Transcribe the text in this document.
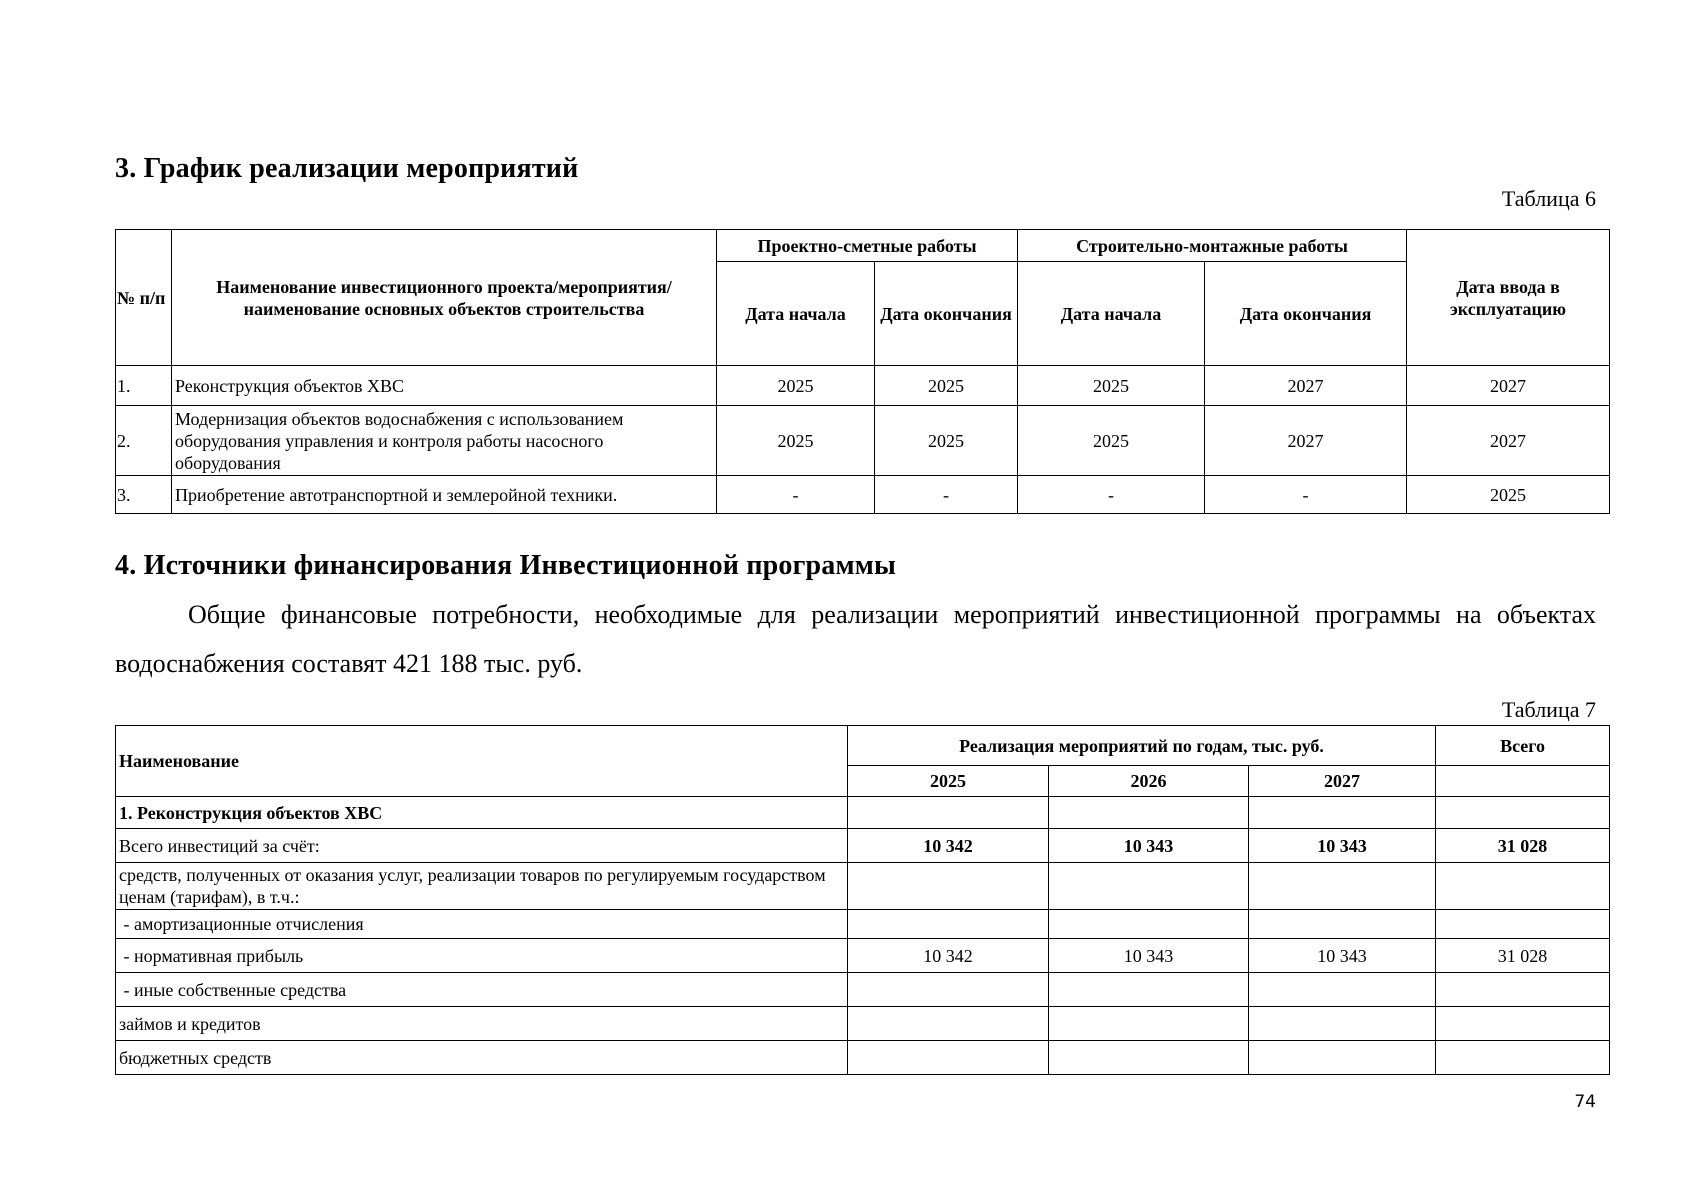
3. График реализации мероприятий
Таблица 6
№ п/п	Наименование инвестиционного проекта/мероприятия/наименование основных объектов строительства	Проектно-сметные работы		Строительно-монтажные работы		Дата ввода в эксплуатацию
		Дата начала	Дата окончания	Дата начала	Дата окончания	
1.	Реконструкция объектов ХВС	2025	2025	2025	2027	2027
2.	Модернизация объектов водоснабжения с использованием оборудования управления и контроля работы насосного оборудования	2025	2025	2025	2027	2027
3.	Приобретение автотранспортной и землеройной техники.	-	-	-	-	2025
4. Источники финансирования Инвестиционной программы
Общие финансовые потребности, необходимые для реализации мероприятий инвестиционной программы на объектах водоснабжения составят 421 188 тыс. руб.
Таблица 7
Наименование	Реализация мероприятий по годам, тыс. руб.			Всего
	2025	2026	2027	
1. Реконструкция объектов ХВС				
Всего инвестиций за счёт:	10 342	10 343	10 343	31 028
средств, полученных от оказания услуг, реализации товаров по регулируемым государством ценам (тарифам), в т.ч.:				
- амортизационные отчисления				
- нормативная прибыль	10 342	10 343	10 343	31 028
- иные собственные средства				
займов и кредитов				
бюджетных средств				
74
